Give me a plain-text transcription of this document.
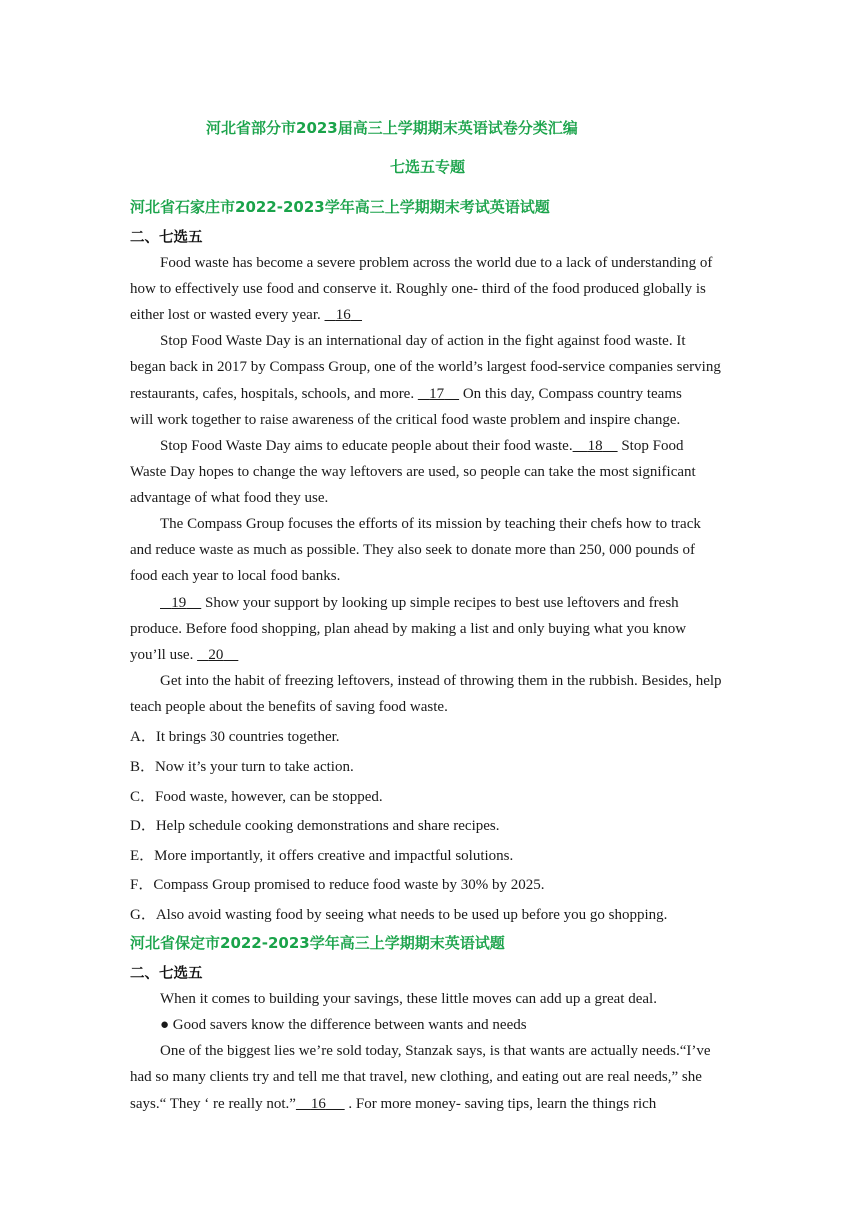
河北省部分市2023届高三上学期期末英语试卷分类汇编
七选五专题
河北省石家庄市2022-2023学年高三上学期期末考试英语试题
二、七选五
Food waste has become a severe problem across the world due to a lack of understanding of
how to effectively use food and conserve it. Roughly one- third of the food produced globally is
either lost or wasted every year. 16
Stop Food Waste Day is an international day of action in the fight against food waste. It
began back in 2017 by Compass Group, one of the world’s largest food-service companies serving
restaurants, cafes, hospitals, schools, and more. 17 On this day, Compass country teams
will work together to raise awareness of the critical food waste problem and inspire change.
Stop Food Waste Day aims to educate people about their food waste. 18 Stop Food
Waste Day hopes to change the way leftovers are used, so people can take the most significant
advantage of what food they use.
The Compass Group focuses the efforts of its mission by teaching their chefs how to track
and reduce waste as much as possible. They also seek to donate more than 250, 000 pounds of
food each year to local food banks.
19 Show your support by looking up simple recipes to best use leftovers and fresh
produce. Before food shopping, plan ahead by making a list and only buying what you know
you’ll use. 20
Get into the habit of freezing leftovers, instead of throwing them in the rubbish. Besides, help
teach people about the benefits of saving food waste.
A．It brings 30 countries together.
B．Now it’s your turn to take action.
C．Food waste, however, can be stopped.
D．Help schedule cooking demonstrations and share recipes.
E．More importantly, it offers creative and impactful solutions.
F．Compass Group promised to reduce food waste by 30% by 2025.
G．Also avoid wasting food by seeing what needs to be used up before you go shopping.
河北省保定市2022-2023学年高三上学期期末英语试题
二、七选五
When it comes to building your savings, these little moves can add up a great deal.
● Good savers know the difference between wants and needs
One of the biggest lies we’re sold today, Stanzak says, is that wants are actually needs.“I’ve
had so many clients try and tell me that travel, new clothing, and eating out are real needs,” she
says.“ They ‘ re really not.” 16 . For more money- saving tips, learn the things rich
